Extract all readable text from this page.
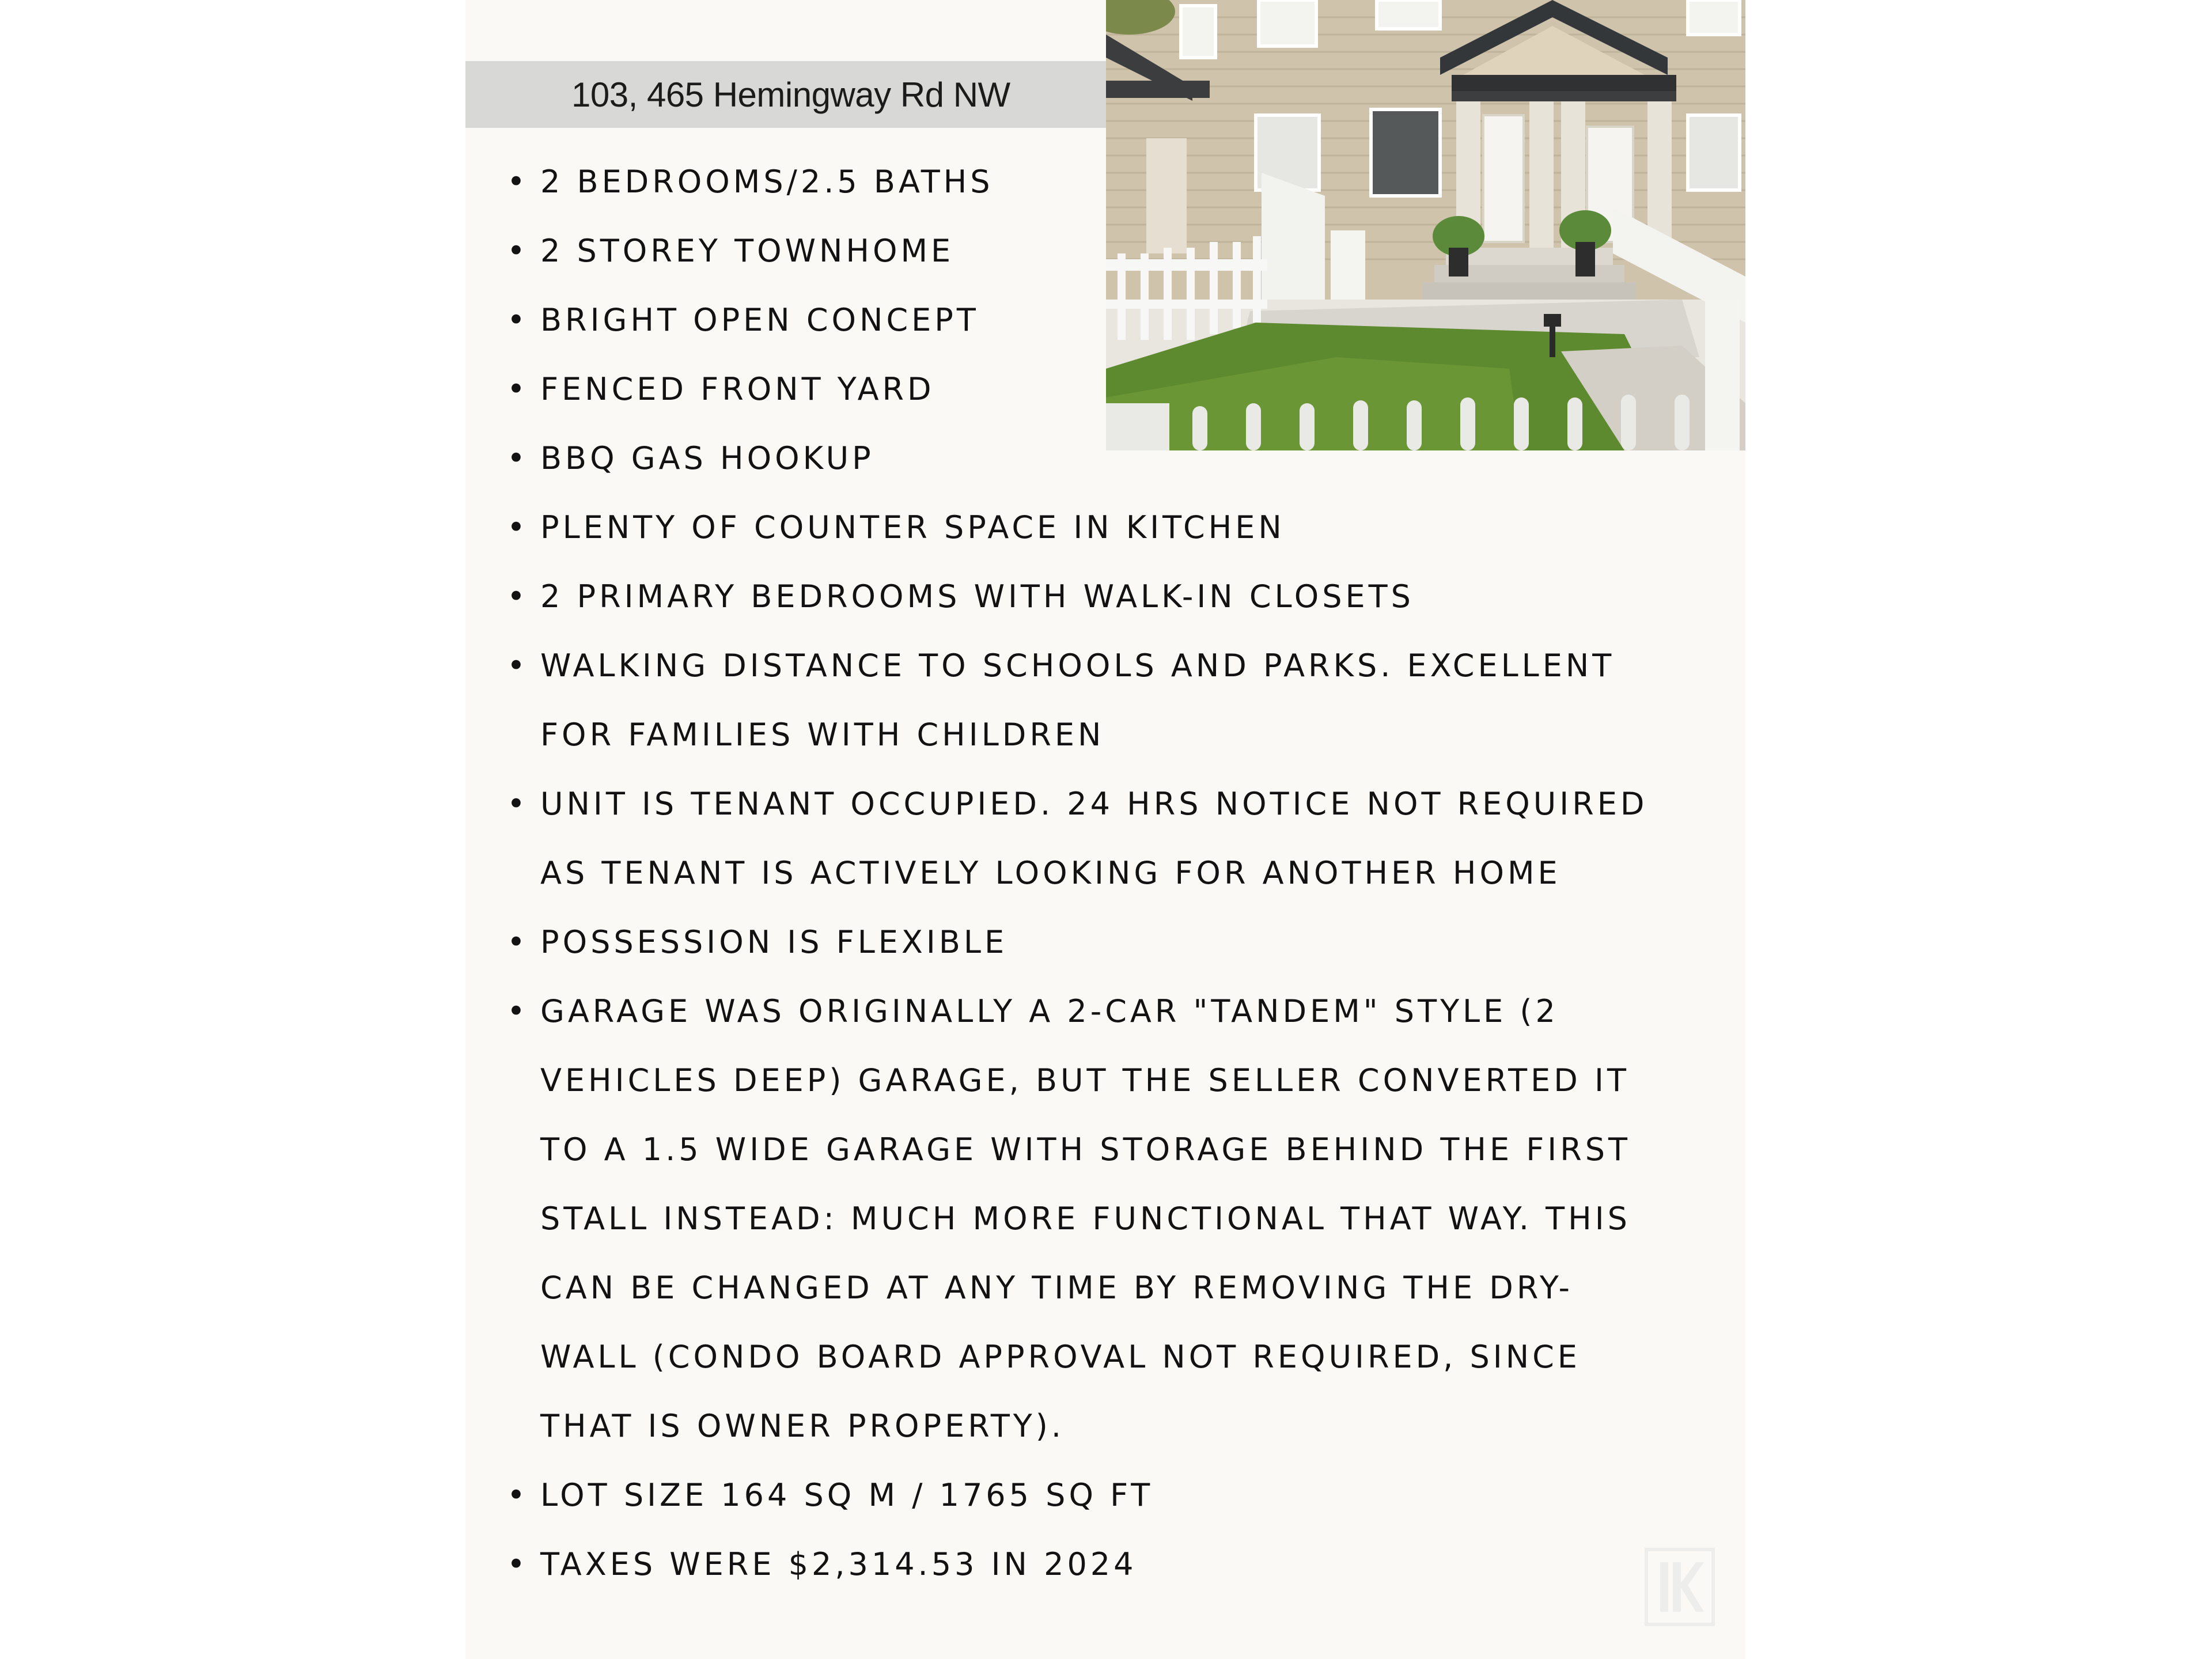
103, 465 Hemingway Rd NW
• 2 BEDROOMS/2.5 BATHS
• 2 STOREY TOWNHOME
• BRIGHT OPEN CONCEPT
• FENCED FRONT YARD
• BBQ GAS HOOKUP
• PLENTY OF COUNTER SPACE IN KITCHEN
• 2 PRIMARY BEDROOMS WITH WALK-IN CLOSETS
• WALKING DISTANCE TO SCHOOLS AND PARKS. EXCELLENT
FOR FAMILIES WITH CHILDREN
• UNIT IS TENANT OCCUPIED. 24 HRS NOTICE NOT REQUIRED
AS TENANT IS ACTIVELY LOOKING FOR ANOTHER HOME
• POSSESSION IS FLEXIBLE
• GARAGE WAS ORIGINALLY A 2-CAR "TANDEM" STYLE (2
VEHICLES DEEP) GARAGE, BUT THE SELLER CONVERTED IT
TO A 1.5 WIDE GARAGE WITH STORAGE BEHIND THE FIRST
STALL INSTEAD: MUCH MORE FUNCTIONAL THAT WAY. THIS
CAN BE CHANGED AT ANY TIME BY REMOVING THE DRY-
WALL (CONDO BOARD APPROVAL NOT REQUIRED, SINCE
THAT IS OWNER PROPERTY).
• LOT SIZE 164 SQ M / 1765 SQ FT
• TAXES WERE $2,314.53 IN 2024
